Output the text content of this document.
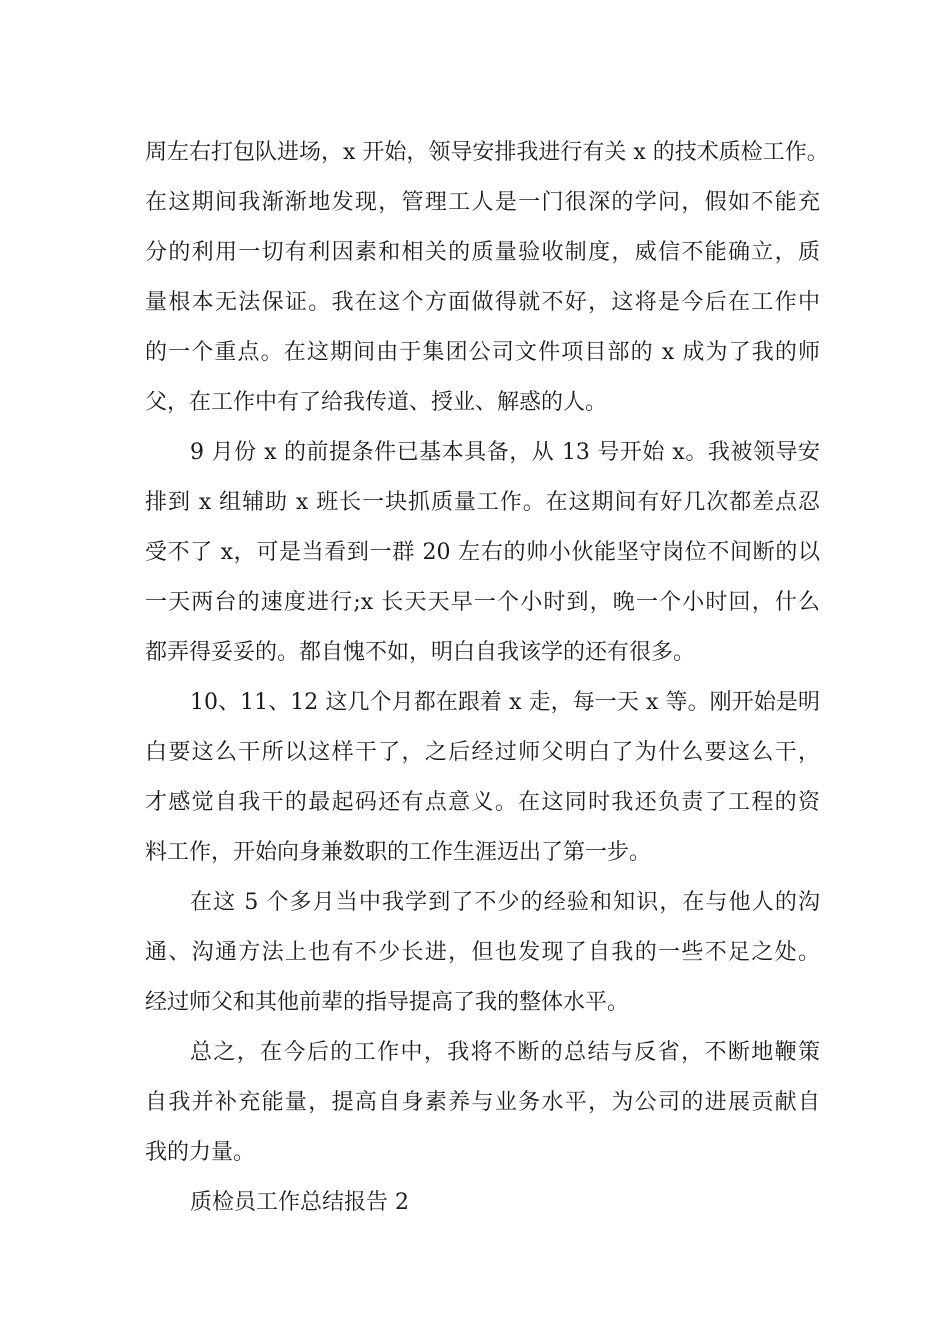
周左右打包队进场，x 开始，领导安排我进行有关 x 的技术质检工作。
在这期间我渐渐地发现，管理工人是一门很深的学问，假如不能充
分的利用一切有利因素和相关的质量验收制度，威信不能确立，质
量根本无法保证。我在这个方面做得就不好，这将是今后在工作中
的一个重点。在这期间由于集团公司文件项目部的 x 成为了我的师
父，在工作中有了给我传道、授业、解惑的人。
9 月份 x 的前提条件已基本具备，从 13 号开始 x。我被领导安
排到 x 组辅助 x 班长一块抓质量工作。在这期间有好几次都差点忍
受不了 x，可是当看到一群 20 左右的帅小伙能坚守岗位不间断的以
一天两台的速度进行;x 长天天早一个小时到，晚一个小时回，什么
都弄得妥妥的。都自愧不如，明白自我该学的还有很多。
10、11、12 这几个月都在跟着 x 走，每一天 x 等。刚开始是明
白要这么干所以这样干了，之后经过师父明白了为什么要这么干，
才感觉自我干的最起码还有点意义。在这同时我还负责了工程的资
料工作，开始向身兼数职的工作生涯迈出了第一步。
在这 5 个多月当中我学到了不少的经验和知识，在与他人的沟
通、沟通方法上也有不少长进，但也发现了自我的一些不足之处。
经过师父和其他前辈的指导提高了我的整体水平。
总之，在今后的工作中，我将不断的总结与反省，不断地鞭策
自我并补充能量，提高自身素养与业务水平，为公司的进展贡献自
我的力量。
质检员工作总结报告 2
